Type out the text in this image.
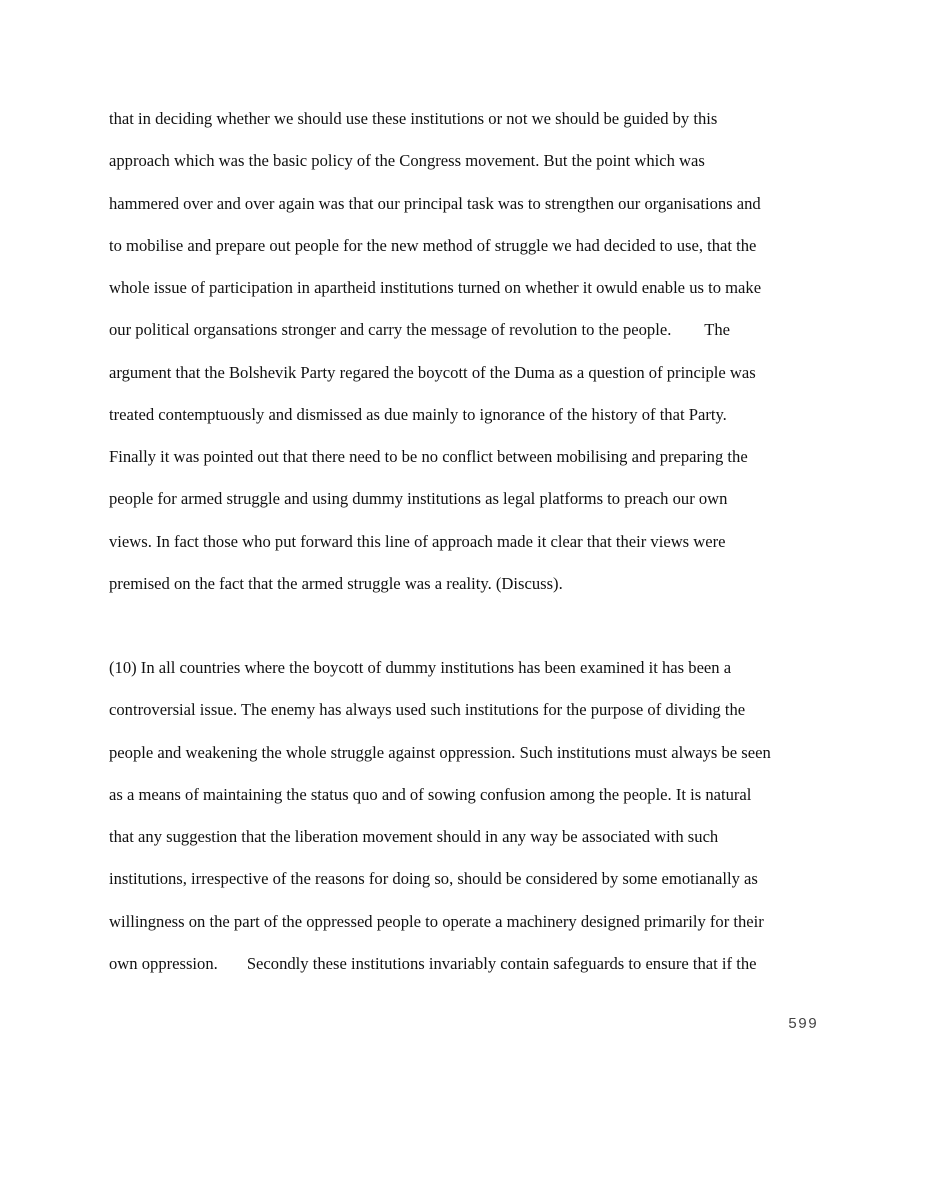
that in deciding whether we should use these institutions or not we should be guided by this
approach which was the basic policy of the Congress movement. But the point which was
hammered over and over again was that our principal task was to strengthen our organisations and
to mobilise and prepare out people for the new method of struggle we had decided to use, that the
whole issue of participation in apartheid institutions turned on whether it owuld enable us to make
our political organsations stronger and carry the message of revolution to the people.        The
argument that the Bolshevik Party regared the boycott of the Duma as a question of principle was
treated contemptuously and dismissed as due mainly to ignorance of the history of that Party.
Finally it was pointed out that there need to be no conflict between mobilising and preparing the
people for armed struggle and using dummy institutions as legal platforms to preach our own
views. In fact those who put forward this line of approach made it clear that their views were
premised on the fact that the armed struggle was a reality. (Discuss).
(10) In all countries where the boycott of dummy institutions has been examined it has been a
controversial issue. The enemy has always used such institutions for the purpose of dividing the
people and weakening the whole struggle against oppression. Such institutions must always be seen
as a means of maintaining the status quo and of sowing confusion among the people. It is natural
that any suggestion that the liberation movement should in any way be associated with such
institutions, irrespective of the reasons for doing so, should be considered by some emotianally as
willingness on the part of the oppressed people to operate a machinery designed primarily for their
own oppression.       Secondly these institutions invariably contain safeguards to ensure that if the
599
